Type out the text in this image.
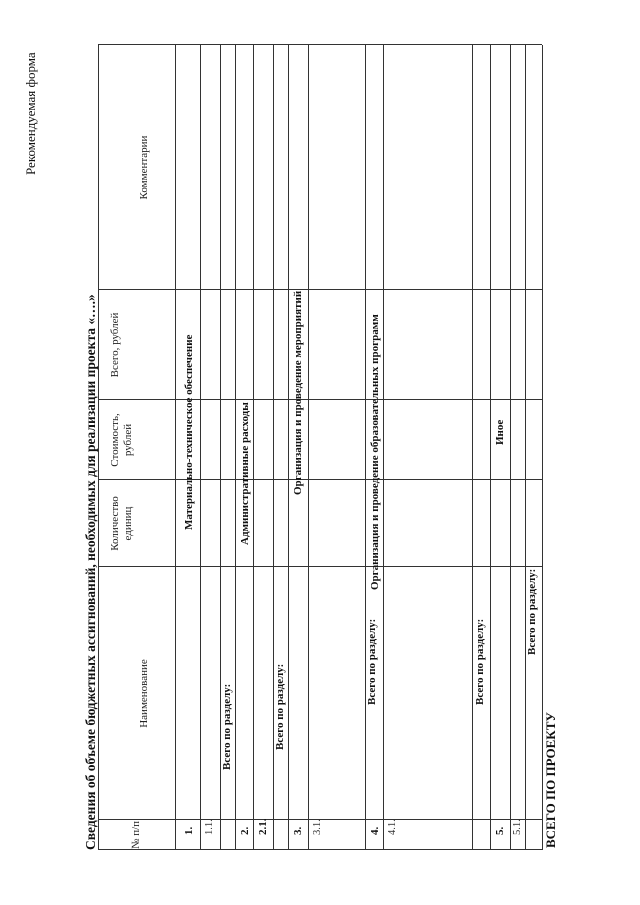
Рекомендуемая форма
Сведения об объеме бюджетных ассигнований, необходимых для реализации проекта «….»	№ п/п
Наименование
Количество единиц
Стоимость, рублей
Всего, рублей
Комментарии
1.
Материально-техническое обеспечение
1.1.
Всего по разделу:
2.
Административные расходы
2.1.
Всего по разделу:
3.
Организация и проведение мероприятий
3.1.
Всего по разделу:
4.
Организация и проведение образовательных программ
4.1.
Всего по разделу:
5.
Иное
5.1.
Всего по разделу:
ВСЕГО ПО ПРОЕКТУ
